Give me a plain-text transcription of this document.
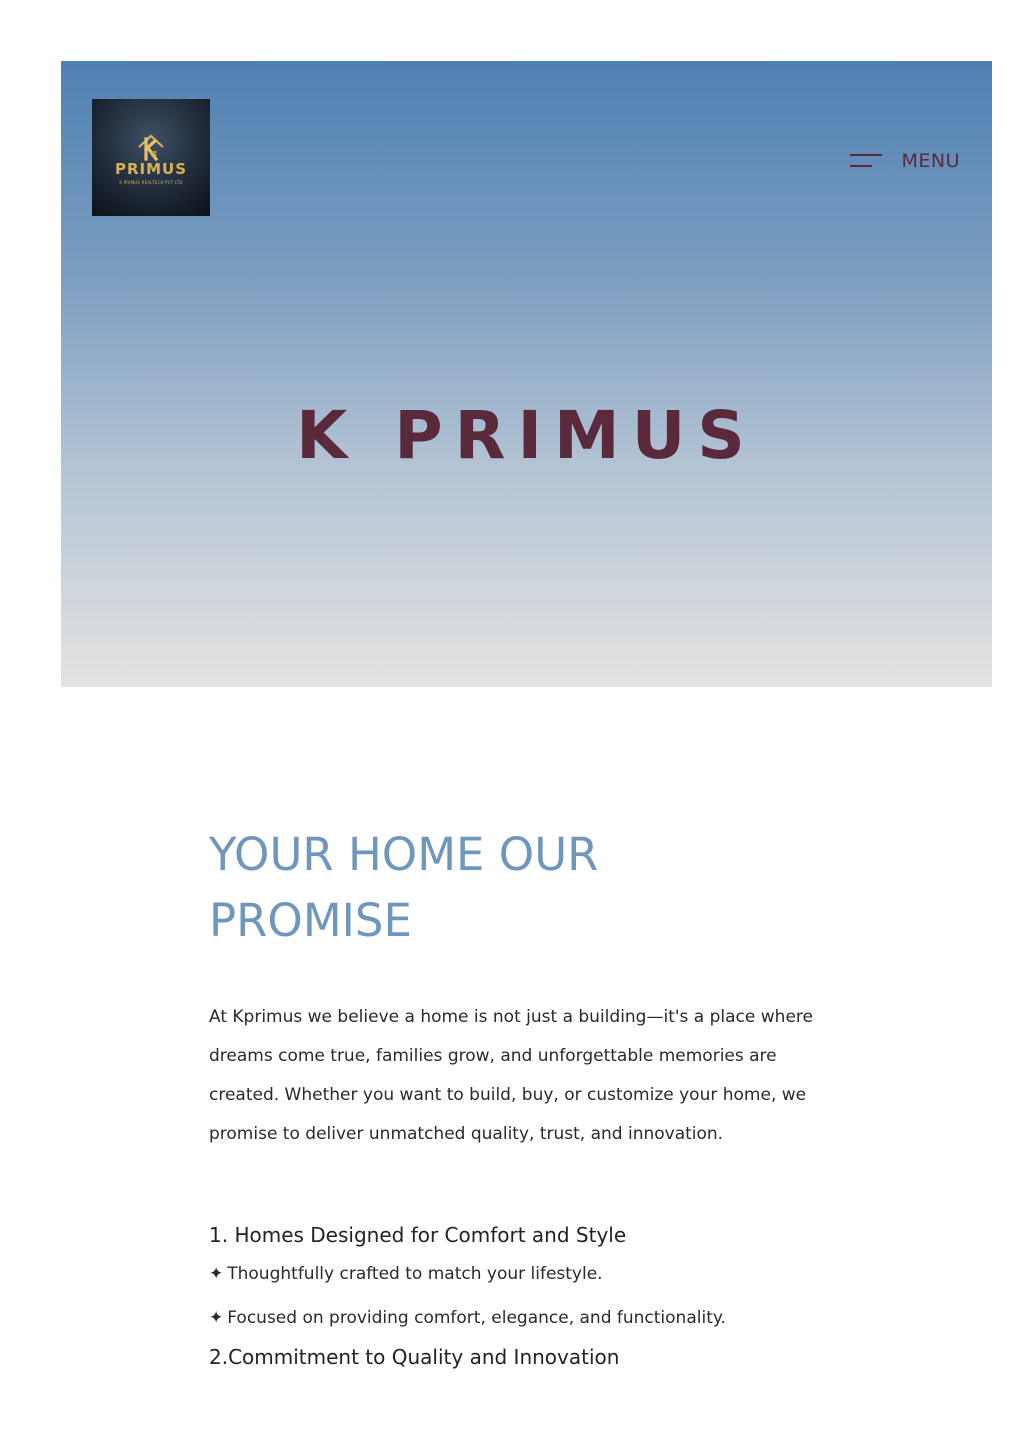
PRIMUS
K PRIMUS REALTECH PVT LTD
MENU
K PRIMUS
YOUR HOME OUR PROMISE

At Kprimus we believe a home is not just a building—it's a place where dreams come true, families grow, and unforgettable memories are created. Whether you want to build, buy, or customize your home, we promise to deliver unmatched quality, trust, and innovation.

1. Homes Designed for Comfort and Style

✦ Thoughtfully crafted to match your lifestyle.

✦ Focused on providing comfort, elegance, and functionality.

2.Commitment to Quality and Innovation
